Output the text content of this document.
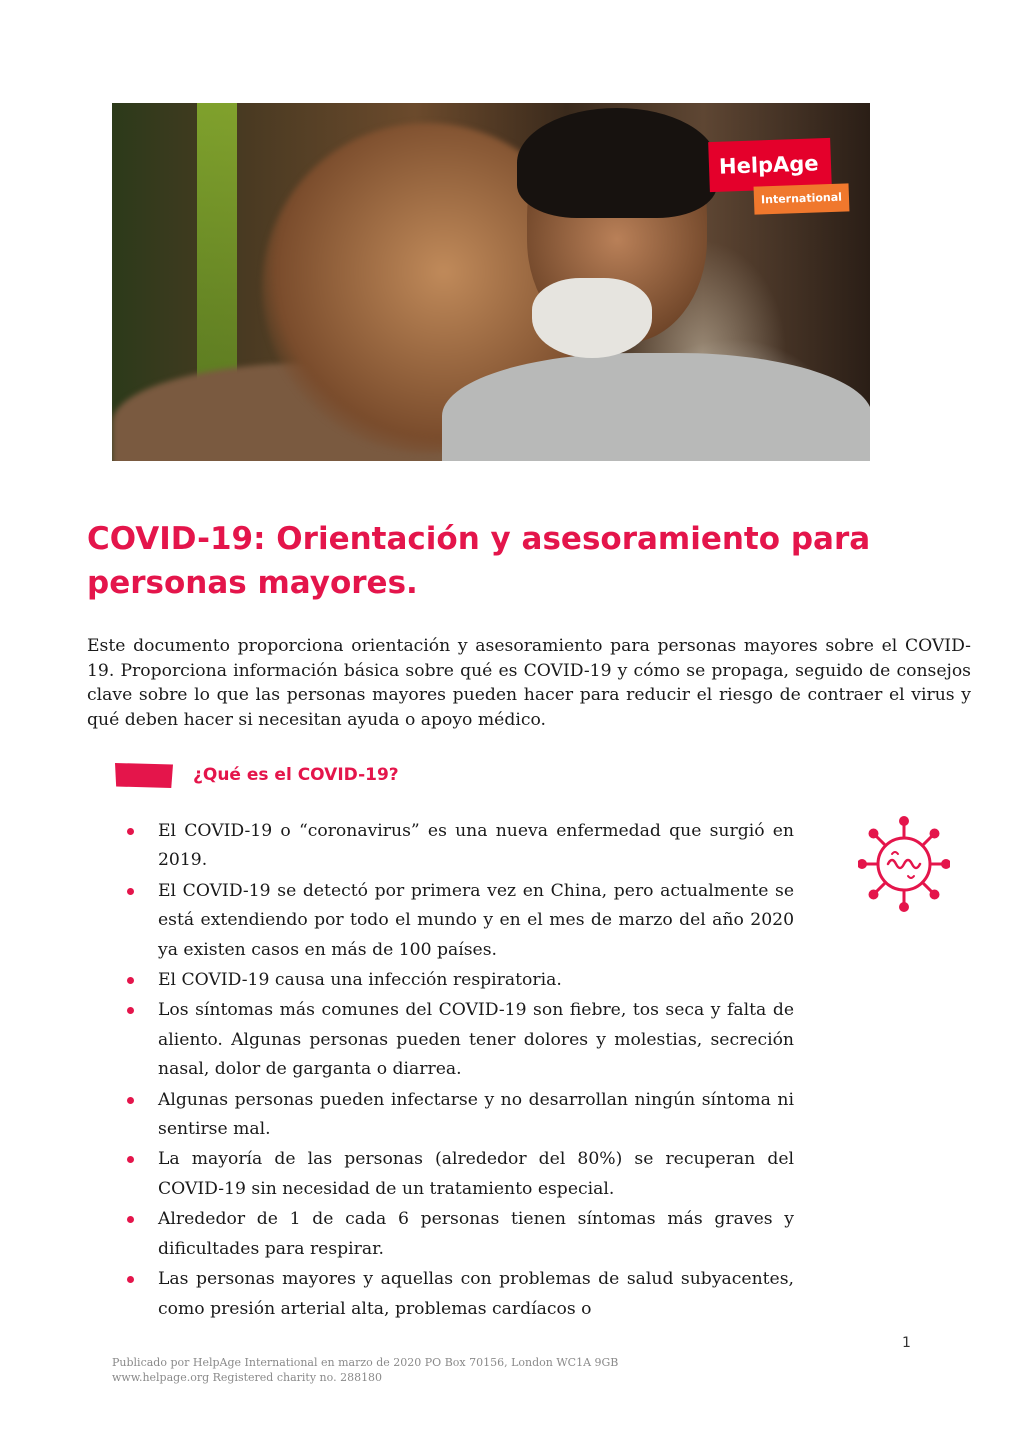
HelpAge
International
COVID-19: Orientación y asesoramiento para personas mayores.

Este documento proporciona orientación y asesoramiento para personas mayores sobre el COVID-19. Proporciona información básica sobre qué es COVID-19 y cómo se propaga, seguido de consejos clave sobre lo que las personas mayores pueden hacer para reducir el riesgo de contraer el virus y qué deben hacer si necesitan ayuda o apoyo médico.

¿Qué es el COVID-19?
El COVID-19 o “coronavirus” es una nueva enfermedad que surgió en 2019.
El COVID-19 se detectó por primera vez en China, pero actualmente se está extendiendo por todo el mundo y en el mes de marzo del año 2020 ya existen casos en más de 100 países.
El COVID-19 causa una infección respiratoria.
Los síntomas más comunes del COVID-19 son fiebre, tos seca y falta de aliento. Algunas personas pueden tener dolores y molestias, secreción nasal, dolor de garganta o diarrea.
Algunas personas pueden infectarse y no desarrollan ningún síntoma ni sentirse mal.
La mayoría de las personas (alrededor del 80%) se recuperan del COVID-19 sin necesidad de un tratamiento especial.
Alrededor de 1 de cada 6 personas tienen síntomas más graves y dificultades para respirar.
Las personas mayores y aquellas con problemas de salud subyacentes, como presión arterial alta, problemas cardíacos o
1
Publicado por HelpAge International en marzo de 2020 PO Box 70156, London WC1A 9GB
www.helpage.org Registered charity no. 288180
